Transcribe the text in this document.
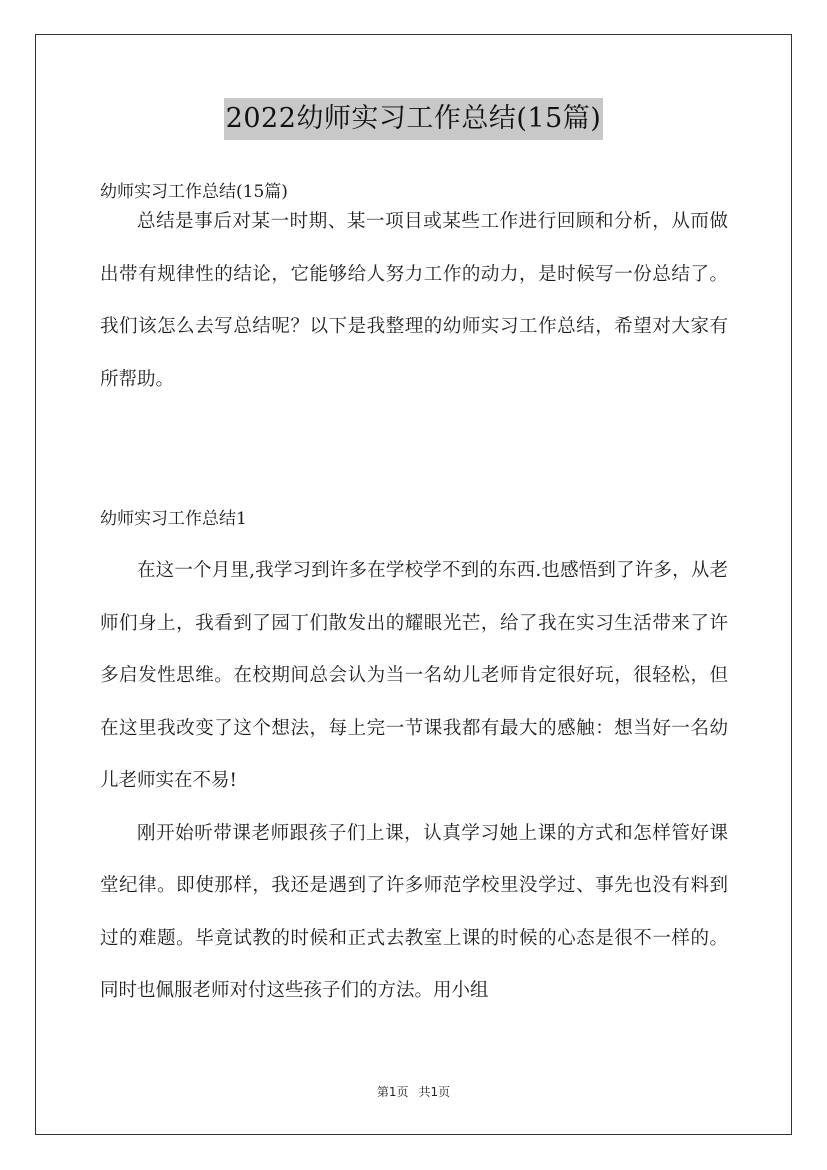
2022幼师实习工作总结(15篇)
幼师实习工作总结(15篇)

总结是事后对某一时期、某一项目或某些工作进行回顾和分析，从而做出带有规律性的结论，它能够给人努力工作的动力，是时候写一份总结了。我们该怎么去写总结呢？以下是我整理的幼师实习工作总结，希望对大家有所帮助。

幼师实习工作总结1

在这一个月里,我学习到许多在学校学不到的东西.也感悟到了许多，从老师们身上，我看到了园丁们散发出的耀眼光芒，给了我在实习生活带来了许多启发性思维。在校期间总会认为当一名幼儿老师肯定很好玩，很轻松，但在这里我改变了这个想法，每上完一节课我都有最大的感触：想当好一名幼儿老师实在不易!

刚开始听带课老师跟孩子们上课，认真学习她上课的方式和怎样管好课堂纪律。即使那样，我还是遇到了许多师范学校里没学过、事先也没有料到过的难题。毕竟试教的时候和正式去教室上课的时候的心态是很不一样的。同时也佩服老师对付这些孩子们的方法。用小组

第1页 共1页
